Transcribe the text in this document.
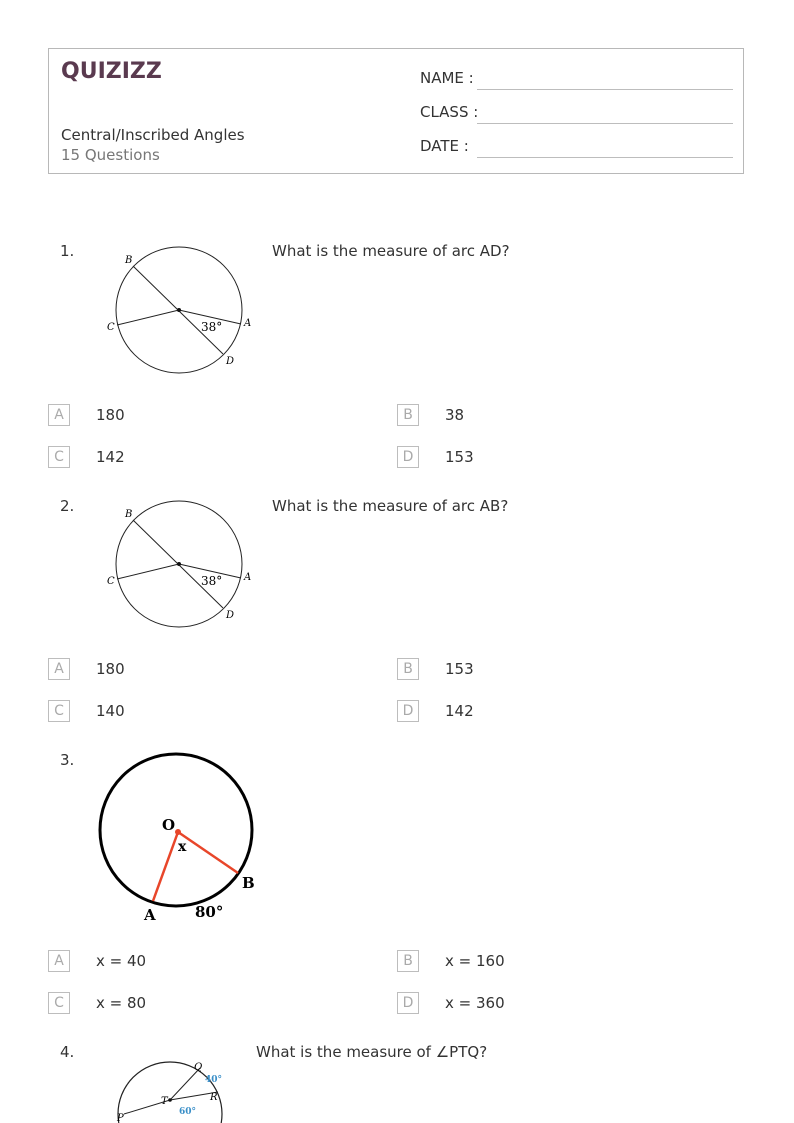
QUIZIZZ
Central/Inscribed Angles
15 Questions
NAME :
CLASS :
DATE :
1.	What is the measure of arc AD?
B
C	A
D
38°
A	180	B	38
C	142	D	153
2.	What is the measure of arc AB?
B
C	A
D
38°
A	180	B	153
C	140	D	142
3.
O
x
B
A	80°
A	x = 40	B	x = 160
C	x = 80	D	x = 360
4.	What is the measure of ∠PTQ?
Q
R
T
P
40°
60°
